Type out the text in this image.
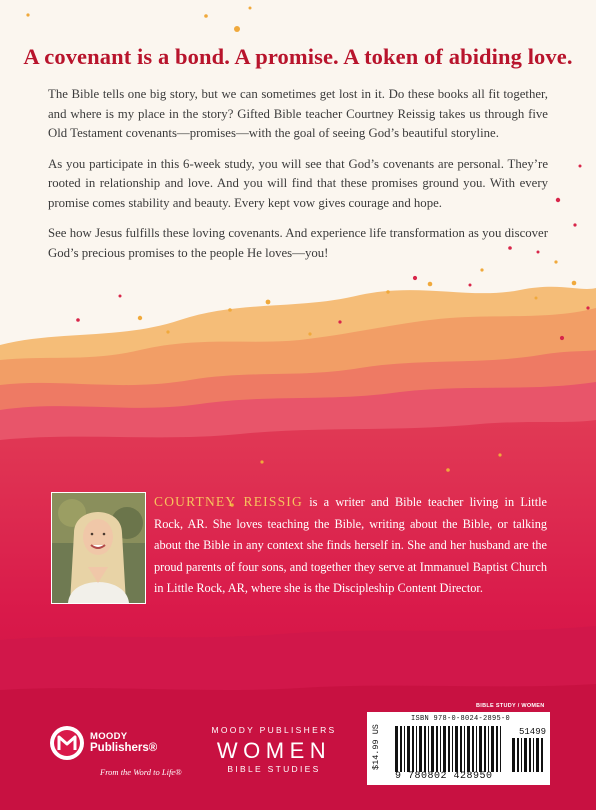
A covenant is a bond. A promise. A token of abiding love.

The Bible tells one big story, but we can sometimes get lost in it. Do these books all fit together, and where is my place in the story? Gifted Bible teacher Courtney Reissig takes us through five Old Testament covenants—promises—with the goal of seeing God’s beautiful storyline.

As you participate in this 6-week study, you will see that God’s covenants are personal. They’re rooted in relationship and love. And you will find that these promises ground you. With every promise comes stability and beauty. Every kept vow gives courage and hope.

See how Jesus fulfills these loving covenants. And experience life transformation as you discover God’s precious promises to the people He loves—you!

COURTNEY REISSIG is a writer and Bible teacher living in Little Rock, AR. She loves teaching the Bible, writing about the Bible, or talking about the Bible in any context she finds herself in. She and her husband are the proud parents of four sons, and together they serve at Immanuel Baptist Church in Little Rock, AR, where she is the Discipleship Content Director.
BIBLE STUDY / WOMEN
MOODY
Publishers®
From the Word to Life®
MOODY PUBLISHERS
WOMEN
BIBLE STUDIES
ISBN 978-0-8024-2895-0
$14.99 US	51499
9 780802 428950
